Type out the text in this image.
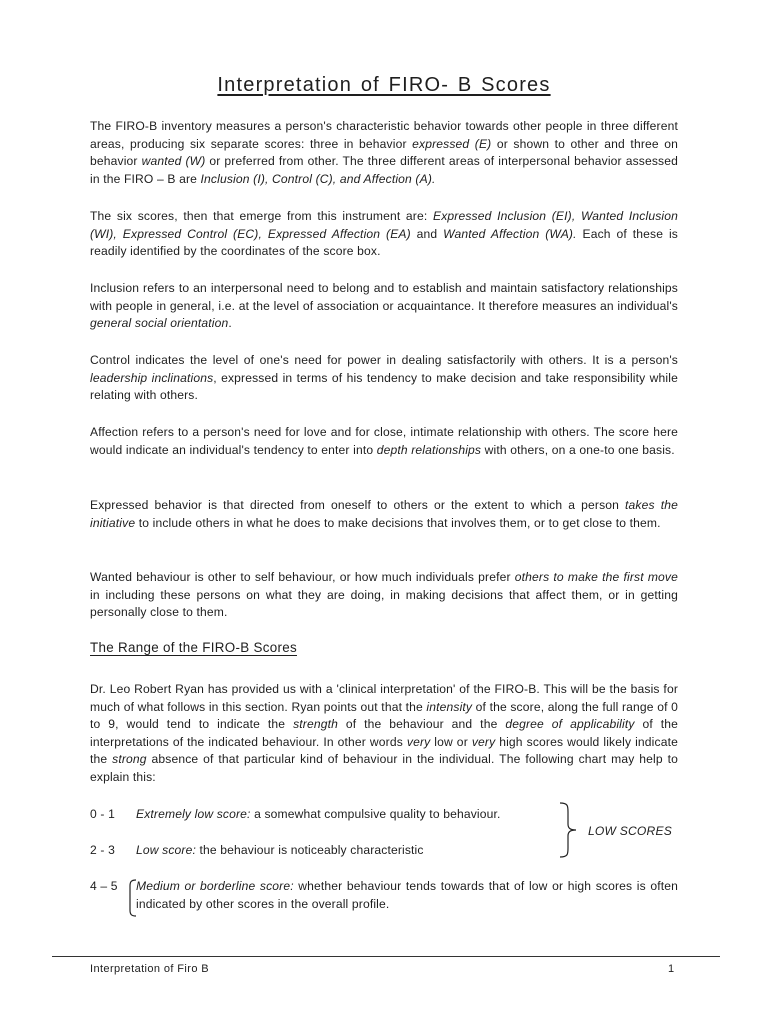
Interpretation of FIRO- B Scores
The FIRO-B inventory measures a person's characteristic behavior towards other people in three different areas, producing six separate scores: three in behavior expressed (E) or shown to other and three on behavior wanted (W) or preferred from other. The three different areas of interpersonal behavior assessed in the FIRO – B are Inclusion (I), Control (C), and Affection (A).
The six scores, then that emerge from this instrument are: Expressed Inclusion (EI), Wanted Inclusion (WI), Expressed Control (EC), Expressed Affection (EA) and Wanted Affection (WA). Each of these is readily identified by the coordinates of the score box.
Inclusion refers to an interpersonal need to belong and to establish and maintain satisfactory relationships with people in general, i.e. at the level of association or acquaintance. It therefore measures an individual's general social orientation.
Control indicates the level of one's need for power in dealing satisfactorily with others. It is a person's leadership inclinations, expressed in terms of his tendency to make decision and take responsibility while relating with others.
Affection refers to a person's need for love and for close, intimate relationship with others. The score here would indicate an individual's tendency to enter into depth relationships with others, on a one-to one basis.
Expressed behavior is that directed from oneself to others or the extent to which a person takes the initiative to include others in what he does to make decisions that involves them, or to get close to them.
Wanted behaviour is other to self behaviour, or how much individuals prefer others to make the first move in including these persons on what they are doing, in making decisions that affect them, or in getting personally close to them.
The Range of the FIRO-B Scores
Dr. Leo Robert Ryan has provided us with a 'clinical interpretation' of the FIRO-B. This will be the basis for much of what follows in this section. Ryan points out that the intensity of the score, along the full range of 0 to 9, would tend to indicate the strength of the behaviour and the degree of applicability of the interpretations of the indicated behaviour. In other words very low or very high scores would likely indicate the strong absence of that particular kind of behaviour in the individual. The following chart may help to explain this:
0 - 1 Extremely low score: a somewhat compulsive quality to behaviour.
2 - 3 Low score: the behaviour is noticeably characteristic
LOW SCORES
4 – 5 Medium or borderline score: whether behaviour tends towards that of low or high scores is often indicated by other scores in the overall profile.
Interpretation of Firo B	1
